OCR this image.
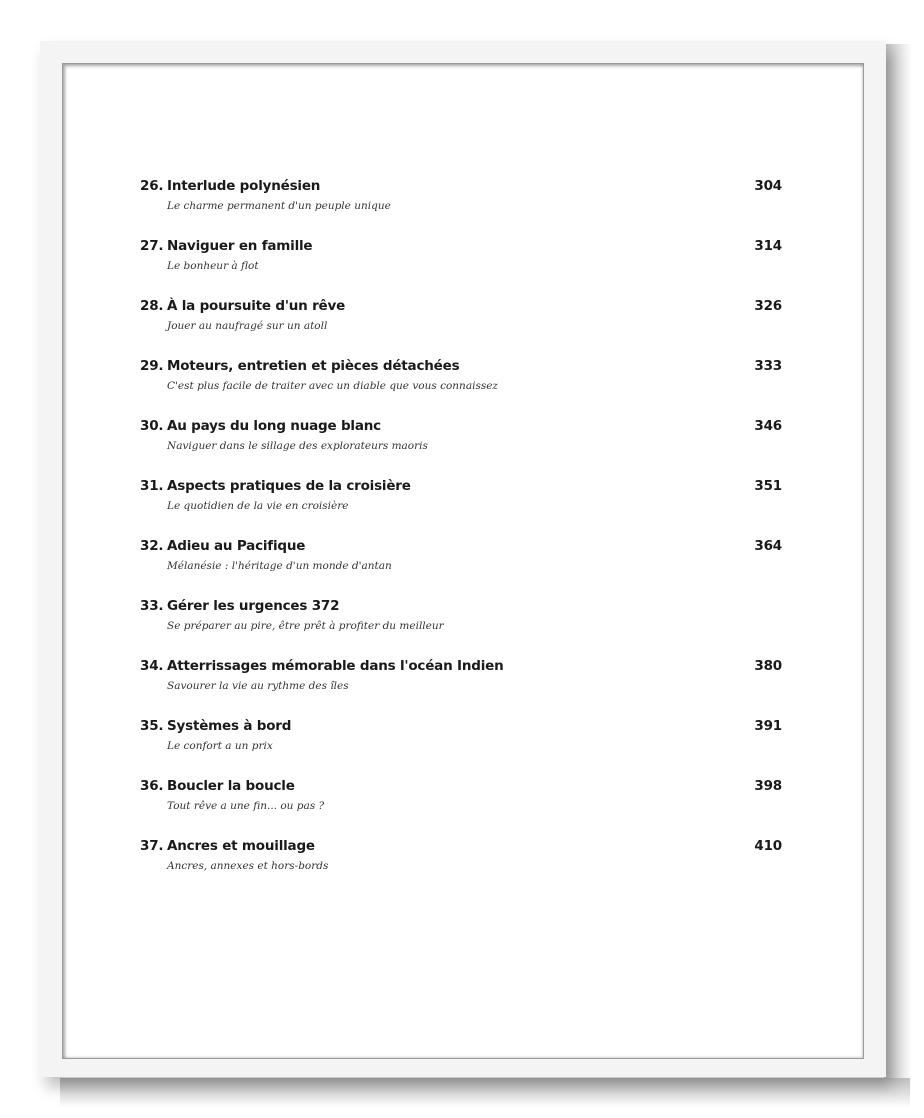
26. Interlude polynésien	304
Le charme permanent d'un peuple unique
27. Naviguer en famille	314
Le bonheur à flot
28. À la poursuite d'un rêve	326
Jouer au naufragé sur un atoll
29. Moteurs, entretien et pièces détachées	333
C'est plus facile de traiter avec un diable que vous connaissez
30. Au pays du long nuage blanc	346
Naviguer dans le sillage des explorateurs maoris
31. Aspects pratiques de la croisière	351
Le quotidien de la vie en croisière
32. Adieu au Pacifique	364
Mélanésie : l'héritage d'un monde d'antan
33. Gérer les urgences 372
Se préparer au pire, être prêt à profiter du meilleur
34. Atterrissages mémorable dans l'océan Indien	380
Savourer la vie au rythme des îles
35. Systèmes à bord	391
Le confort a un prix
36. Boucler la boucle	398
Tout rêve a une fin... ou pas ?
37. Ancres et mouillage	410
Ancres, annexes et hors-bords
